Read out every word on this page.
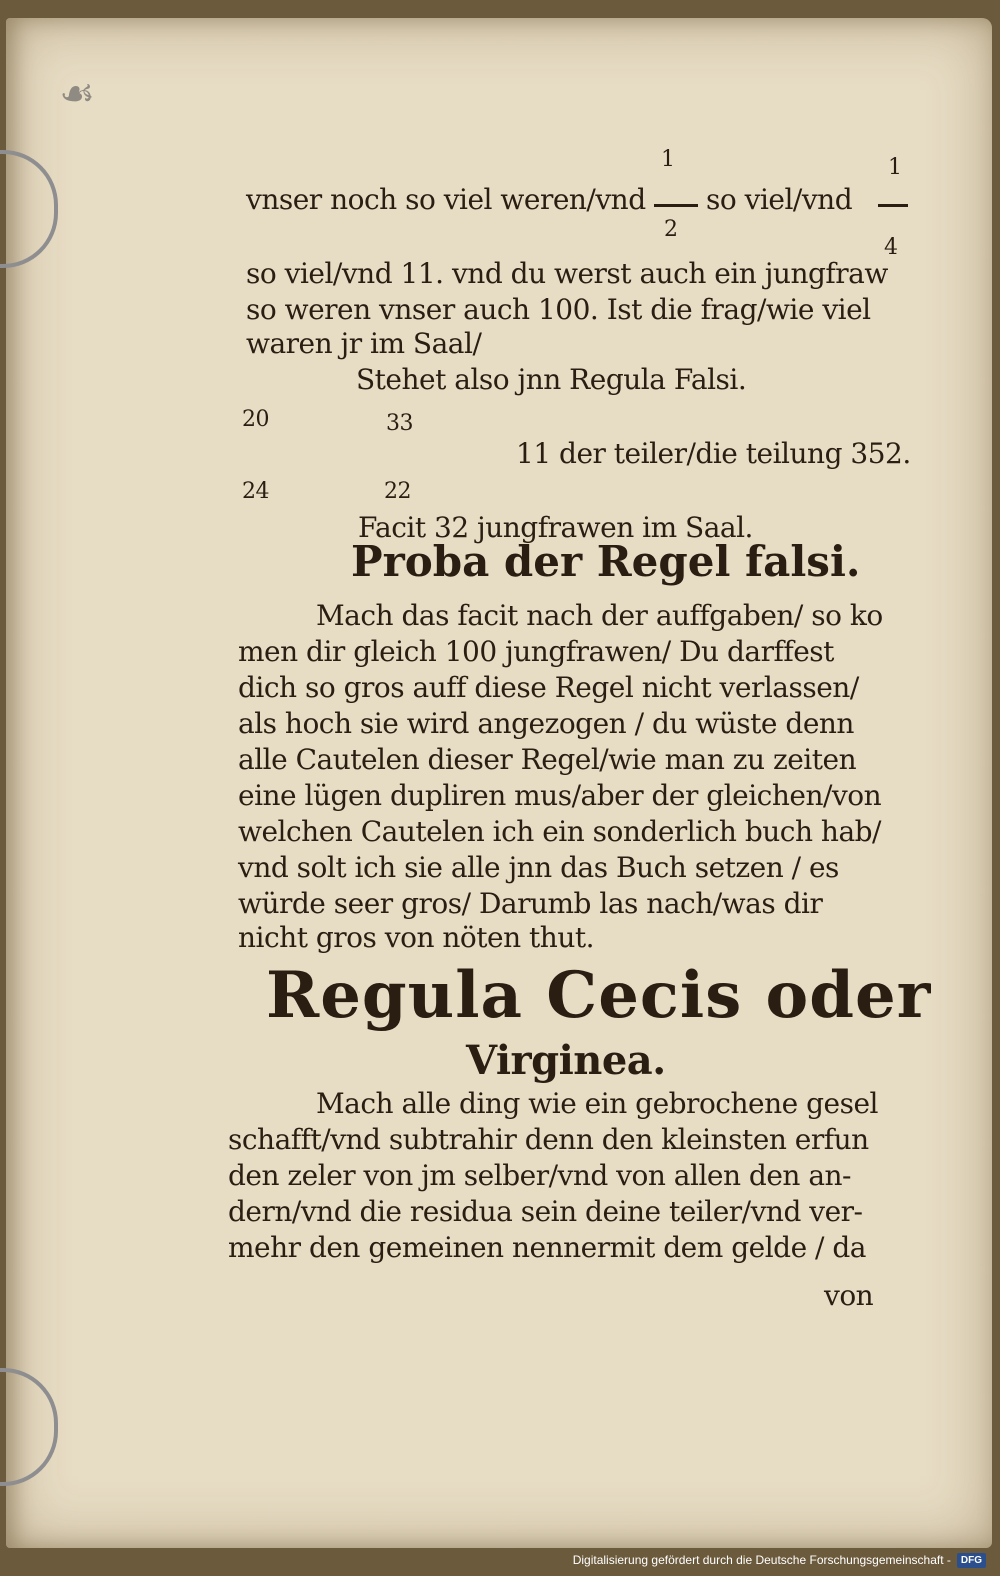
☙
vnser noch so viel weren/vnd
1
2
so viel/vnd
1
4
so viel/vnd 11. vnd du werst auch ein jungfraw
so weren vnser auch 100. Ist die frag/wie viel
waren jr im Saal/
Stehet also jnn Regula Falsi.
20	33
11 der teiler/die teilung 352.
24	22
Facit 32 jungfrawen im Saal.
Proba der Regel falsi.
Mach das facit nach der auffgaben/ so ko
men dir gleich 100 jungfrawen/ Du darffest
dich so gros auff diese Regel nicht verlassen/
als hoch sie wird angezogen / du wüste denn
alle Cautelen dieser Regel/wie man zu zeiten
eine lügen dupliren mus/aber der gleichen/von
welchen Cautelen ich ein sonderlich buch hab/
vnd solt ich sie alle jnn das Buch setzen / es
würde seer gros/ Darumb las nach/was dir
nicht gros von nöten thut.
Regula Cecis oder
Virginea.
Mach alle ding wie ein gebrochene gesel
schafft/vnd subtrahir denn den kleinsten erfun
den zeler von jm selber/vnd von allen den an-
dern/vnd die residua sein deine teiler/vnd ver-
mehr den gemeinen nennermit dem gelde / da
von
Digitalisierung gefördert durch die Deutsche Forschungsgemeinschaft -	DFG
